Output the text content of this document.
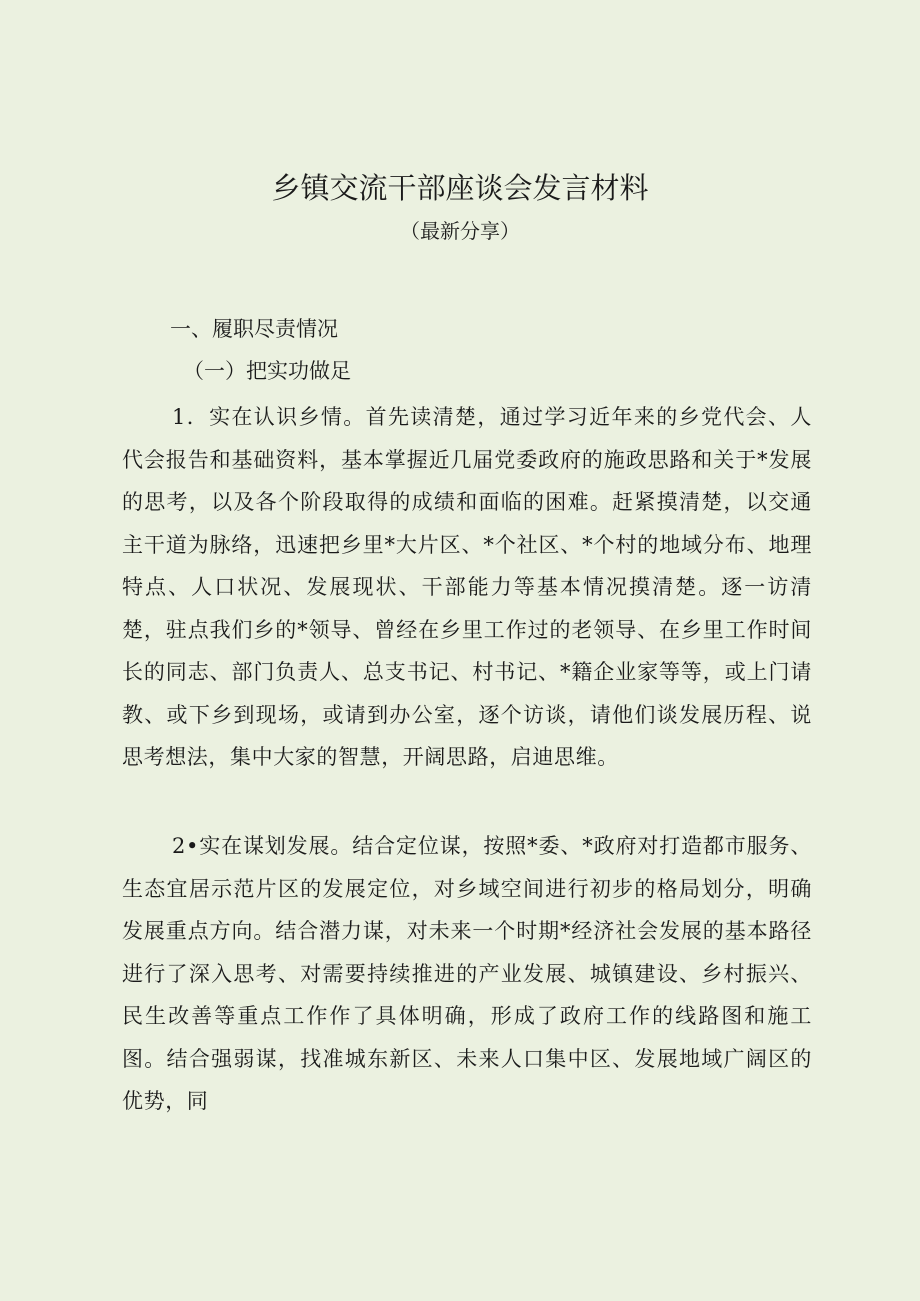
乡镇交流干部座谈会发言材料

（最新分享）

一、履职尽责情况
（一）把实功做足

1．实在认识乡情。首先读清楚，通过学习近年来的乡党代会、人代会报告和基础资料，基本掌握近几届党委政府的施政思路和关于*发展的思考，以及各个阶段取得的成绩和面临的困难。赶紧摸清楚，以交通主干道为脉络，迅速把乡里*大片区、*个社区、*个村的地域分布、地理特点、人口状况、发展现状、干部能力等基本情况摸清楚。逐一访清楚，驻点我们乡的*领导、曾经在乡里工作过的老领导、在乡里工作时间长的同志、部门负责人、总支书记、村书记、*籍企业家等等，或上门请教、或下乡到现场，或请到办公室，逐个访谈，请他们谈发展历程、说思考想法，集中大家的智慧，开阔思路，启迪思维。

2•实在谋划发展。结合定位谋，按照*委、*政府对打造都市服务、生态宜居示范片区的发展定位，对乡域空间进行初步的格局划分，明确发展重点方向。结合潜力谋，对未来一个时期*经济社会发展的基本路径进行了深入思考、对需要持续推进的产业发展、城镇建设、乡村振兴、民生改善等重点工作作了具体明确，形成了政府工作的线路图和施工图。结合强弱谋，找准城东新区、未来人口集中区、发展地域广阔区的优势，同
